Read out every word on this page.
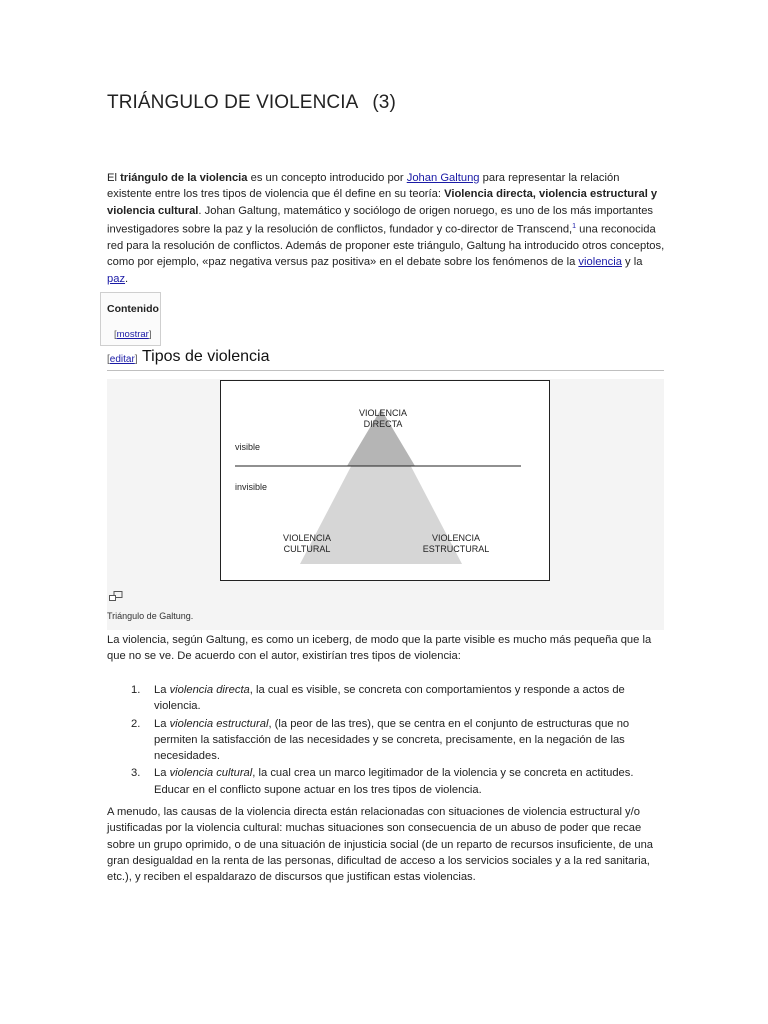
TRIÁNGULO DE VIOLENCIA (3)

El triángulo de la violencia es un concepto introducido por Johan Galtung para representar la relación existente entre los tres tipos de violencia que él define en su teoría: Violencia directa, violencia estructural y violencia cultural. Johan Galtung, matemático y sociólogo de origen noruego, es uno de los más importantes investigadores sobre la paz y la resolución de conflictos, fundador y co-director de Transcend,$^1$ una reconocida red para la resolución de conflictos. Además de proponer este triángulo, Galtung ha introducido otros conceptos, como por ejemplo, «paz negativa versus paz positiva» en el debate sobre los fenómenos de la violencia y la paz.

Contenido
[mostrar]
[editar] Tipos de violencia
visible
invisible
VIOLENCIA
DIRECTA
VIOLENCIA
CULTURAL
VIOLENCIA
ESTRUCTURAL
Triángulo de Galtung.

La violencia, según Galtung, es como un iceberg, de modo que la parte visible es mucho más pequeña que la que no se ve. De acuerdo con el autor, existirían tres tipos de violencia:

1. La violencia directa, la cual es visible, se concreta con comportamientos y responde a actos de violencia.
2. La violencia estructural, (la peor de las tres), que se centra en el conjunto de estructuras que no permiten la satisfacción de las necesidades y se concreta, precisamente, en la negación de las necesidades.
3. La violencia cultural, la cual crea un marco legitimador de la violencia y se concreta en actitudes. Educar en el conflicto supone actuar en los tres tipos de violencia.

A menudo, las causas de la violencia directa están relacionadas con situaciones de violencia estructural y/o justificadas por la violencia cultural: muchas situaciones son consecuencia de un abuso de poder que recae sobre un grupo oprimido, o de una situación de injusticia social (de un reparto de recursos insuficiente, de una gran desigualdad en la renta de las personas, dificultad de acceso a los servicios sociales y a la red sanitaria, etc.), y reciben el espaldarazo de discursos que justifican estas violencias.
